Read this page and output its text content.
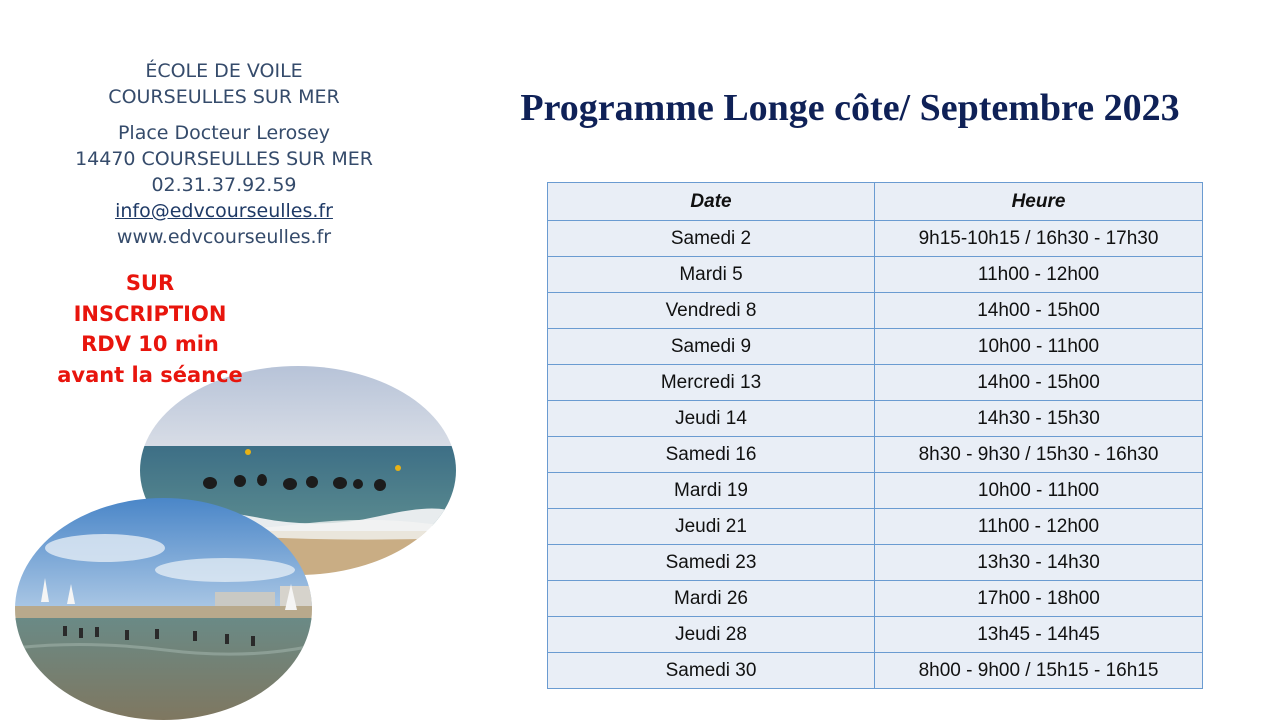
ÉCOLE DE VOILE
COURSEULLES SUR MER

Place Docteur Lerosey

14470 COURSEULLES SUR MER

02.31.37.92.59

info@edvcourseulles.fr

www.edvcourseulles.fr

SUR
INSCRIPTION
RDV 10 min
avant la séance
Programme Longe côte/ Septembre 2023
Date	Heure
Samedi 2	9h15-10h15 / 16h30 - 17h30
Mardi 5	11h00 - 12h00
Vendredi 8	14h00 - 15h00
Samedi 9	10h00 - 11h00
Mercredi 13	14h00 - 15h00
Jeudi 14	14h30 - 15h30
Samedi 16	8h30 - 9h30 / 15h30 - 16h30
Mardi 19	10h00 - 11h00
Jeudi 21	11h00 - 12h00
Samedi 23	13h30 - 14h30
Mardi 26	17h00 - 18h00
Jeudi 28	13h45 - 14h45
Samedi 30	8h00 - 9h00 / 15h15 - 16h15
